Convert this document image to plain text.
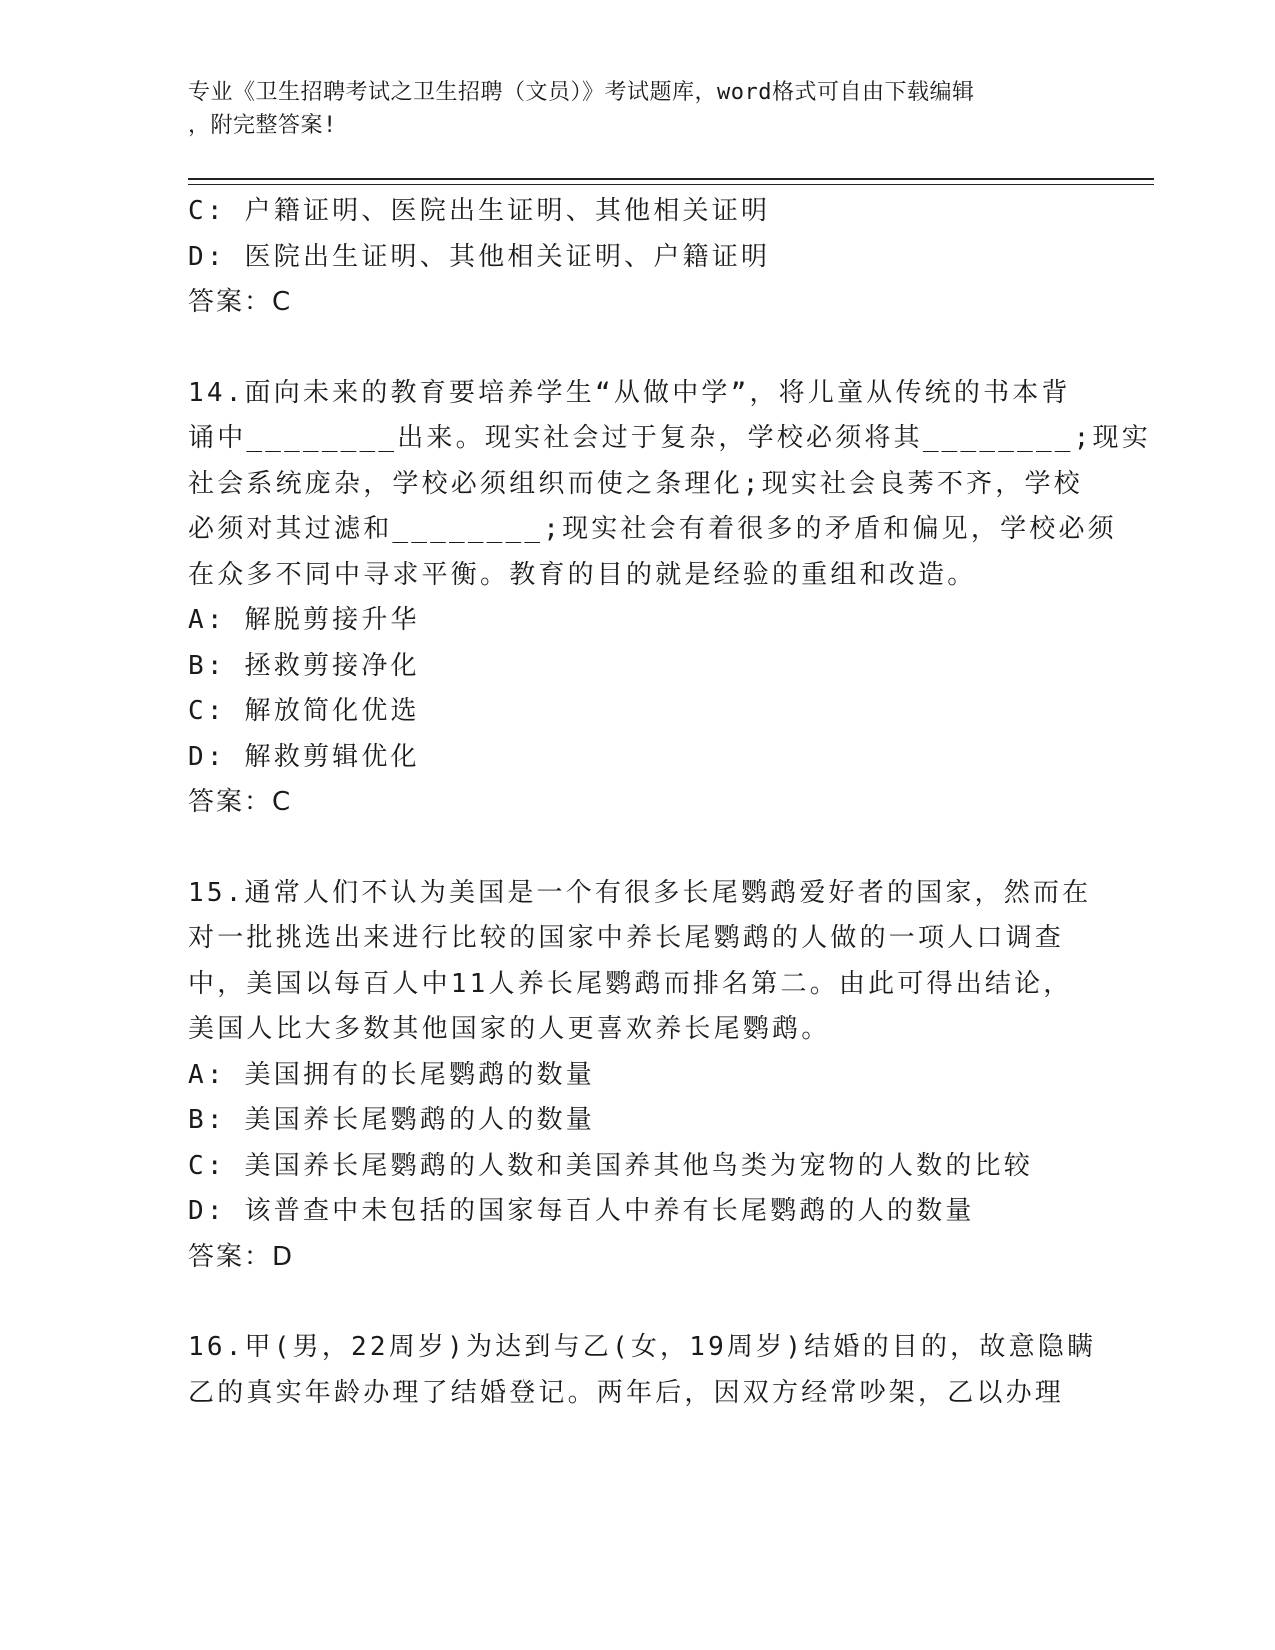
专业《卫生招聘考试之卫生招聘（文员）》考试题库，word格式可自由下载编辑
，附完整答案!
C: 户籍证明、医院出生证明、其他相关证明
D: 医院出生证明、其他相关证明、户籍证明
答案：C
14.面向未来的教育要培养学生“从做中学”，将儿童从传统的书本背
诵中________出来。现实社会过于复杂，学校必须将其________;现实
社会系统庞杂，学校必须组织而使之条理化;现实社会良莠不齐，学校
必须对其过滤和________;现实社会有着很多的矛盾和偏见，学校必须
在众多不同中寻求平衡。教育的目的就是经验的重组和改造。
A: 解脱剪接升华
B: 拯救剪接净化
C: 解放简化优选
D: 解救剪辑优化
答案：C
15.通常人们不认为美国是一个有很多长尾鹦鹉爱好者的国家，然而在
对一批挑选出来进行比较的国家中养长尾鹦鹉的人做的一项人口调查
中，美国以每百人中11人养长尾鹦鹉而排名第二。由此可得出结论，
美国人比大多数其他国家的人更喜欢养长尾鹦鹉。
A: 美国拥有的长尾鹦鹉的数量
B: 美国养长尾鹦鹉的人的数量
C: 美国养长尾鹦鹉的人数和美国养其他鸟类为宠物的人数的比较
D: 该普查中未包括的国家每百人中养有长尾鹦鹉的人的数量
答案：D
16.甲(男，22周岁)为达到与乙(女，19周岁)结婚的目的，故意隐瞒
乙的真实年龄办理了结婚登记。两年后，因双方经常吵架，乙以办理
